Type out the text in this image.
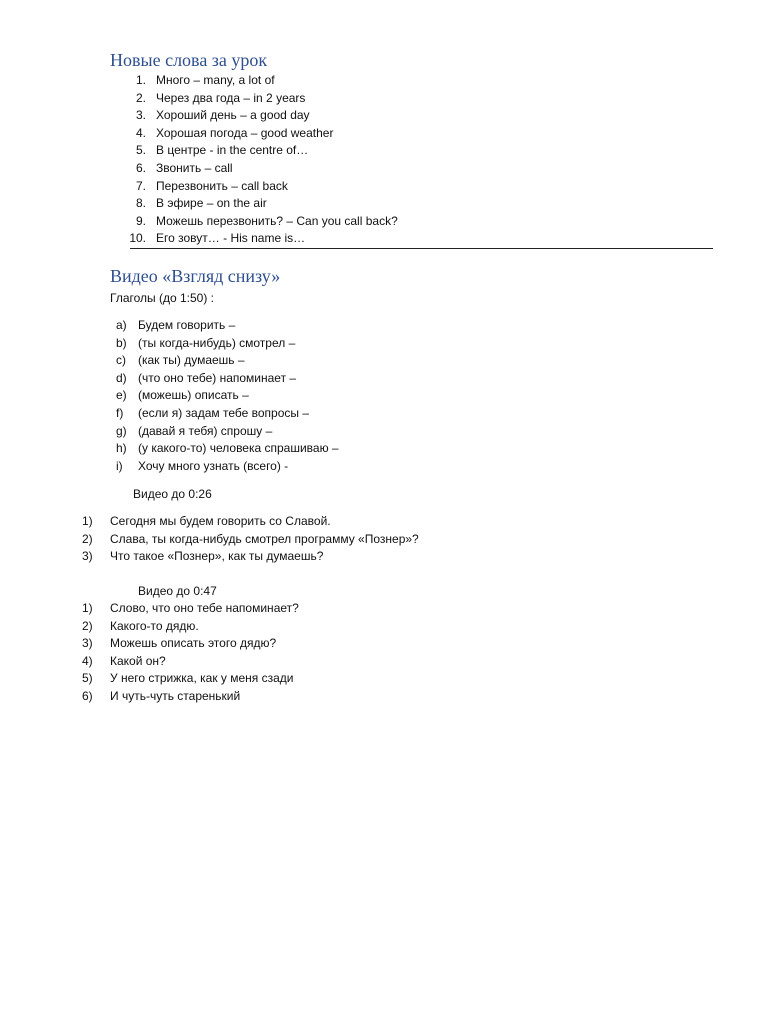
Новые слова за урок
1. Много – many, a lot of
2. Через два года – in 2 years
3. Хороший день – a good day
4. Хорошая погода – good weather
5. В центре - in the centre of…
6. Звонить – call
7. Перезвонить – call back
8. В эфире – on the air
9. Можешь перезвонить? – Can you call back?
10. Его зовут… - His name is…
Видео «Взгляд снизу»
Глаголы (до 1:50) :
a) Будем говорить –
b) (ты когда-нибудь) смотрел –
c) (как ты) думаешь –
d) (что оно тебе) напоминает –
e) (можешь) описать –
f) (если я) задам тебе вопросы –
g) (давай я тебя) спрошу –
h) (у какого-то) человека спрашиваю –
i) Хочу много узнать (всего) -
Видео до 0:26
1) Сегодня мы будем говорить со Славой.
2) Слава, ты когда-нибудь смотрел программу «Познер»?
3) Что такое «Познер», как ты думаешь?
Видео до 0:47
1) Слово, что оно тебе напоминает?
2) Какого-то дядю.
3) Можешь описать этого дядю?
4) Какой он?
5) У него стрижка, как у меня сзади
6) И чуть-чуть старенький
